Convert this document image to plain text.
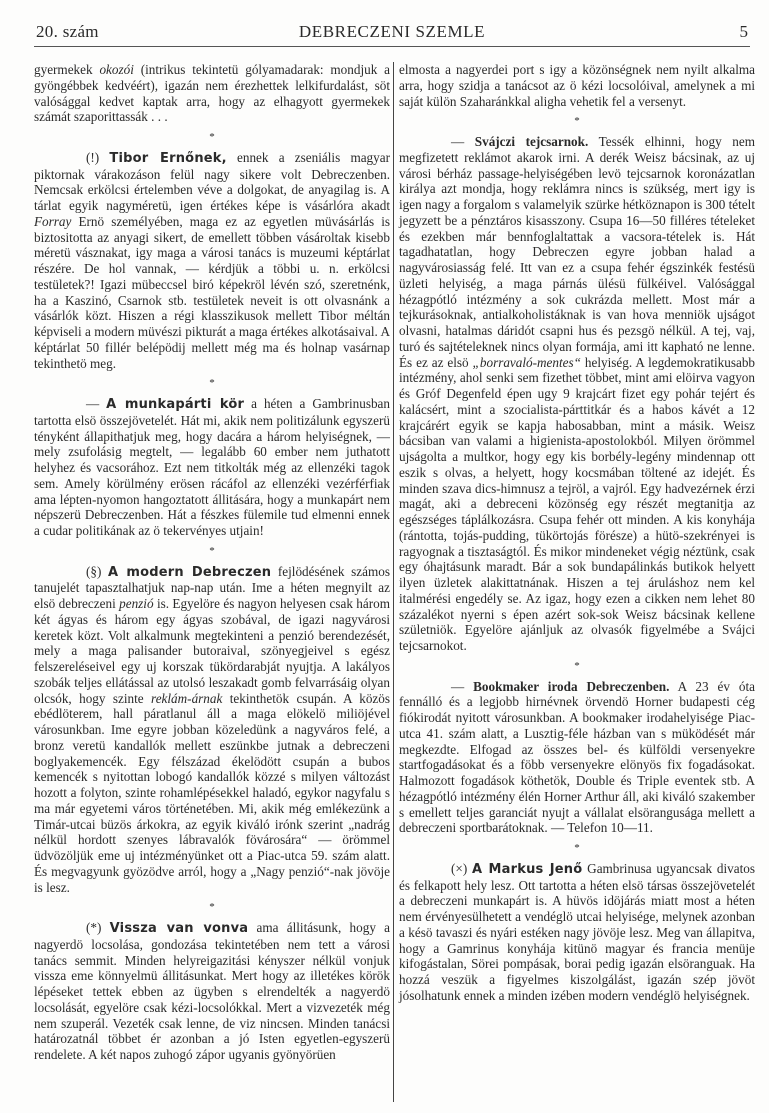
20. szám	DEBRECZENI SZEMLE	5

gyermekek okozói (intrikus tekintetü gólyamadarak: mondjuk a gyöngébbek kedvéért), igazán nem érezhettek lelkifurdalást, söt valósággal kedvet kaptak arra, hogy az elhagyott gyermekek számát szaporittassák . . .

*

(!) Tibor Ernőnek, ennek a zseniális magyar piktornak várakozáson felül nagy sikere volt Debreczenben. Nemcsak erkölcsi értelemben véve a dolgokat, de anyagilag is. A tárlat egyik nagyméretü, igen értékes képe is vásárlóra akadt Forray Ernö személyében, maga ez az egyetlen müvásárlás is biztositotta az anyagi sikert, de emellett többen vásároltak kisebb méretü vásznakat, igy maga a városi tanács is muzeumi képtárlat részére. De hol vannak, — kérdjük a többi u. n. erkölcsi testületek?! Igazi mübeccsel biró képekröl lévén szó, szeretnénk, ha a Kaszinó, Csarnok stb. testületek neveit is ott olvasnánk a vásárlók közt. Hiszen a régi klasszikusok mellett Tibor méltán képviseli a modern müvészi pikturát a maga értékes alkotásaival. A képtárlat 50 fillér belépödij mellett még ma és holnap vasárnap tekinthetö meg.

*

— A munkapárti kör a héten a Gambrinusban tartotta elsö összejövetelét. Hát mi, akik nem politizálunk egyszerü tényként állapithatjuk meg, hogy dacára a három helyiségnek, — mely zsufolásig megtelt, — legalább 60 ember nem juthatott helyhez és vacsorához. Ezt nem titkolták még az ellenzéki tagok sem. Amely körülmény erösen rácáfol az ellenzéki vezérférfiak ama lépten-nyomon hangoztatott állitására, hogy a munkapárt nem népszerü Debreczenben. Hát a fészkes fülemile tud elmenni ennek a cudar politikának az ö tekervényes utjain!

*

(§) A modern Debreczen fejlödésének számos tanujelét tapasztalhatjuk nap-nap után. Ime a héten megnyilt az elsö debreczeni penzió is. Egyelöre és nagyon helyesen csak három két ágyas és három egy ágyas szobával, de igazi nagyvárosi keretek közt. Volt alkalmunk megtekinteni a penzió berendezését, mely a maga palisander butoraival, szönyegjeivel s egész felszereléseivel egy uj korszak tükördarabját nyujtja. A lakályos szobák teljes ellátással az utolsó leszakadt gomb felvarrásáig olyan olcsók, hogy szinte reklám-árnak tekinthetök csupán. A közös ebédlöterem, hall páratlanul áll a maga elökelö miliöjével városunkban. Ime egyre jobban közeledünk a nagyváros felé, a bronz veretü kandallók mellett eszünkbe jutnak a debreczeni boglyakemencék. Egy félszázad ékelödött csupán a bubos kemencék s nyitottan lobogó kandallók közzé s milyen változást hozott a folyton, szinte rohamlépésekkel haladó, egykor nagyfalu s ma már egyetemi város történetében. Mi, akik még emlékezünk a Timár-utcai büzös árkokra, az egyik kiváló irónk szerint „nadrág nélkül hordott szenyes lábravalók fövárosára“ — örömmel üdvözöljük eme uj intézményünket ott a Piac-utca 59. szám alatt. És megvagyunk gyözödve arról, hogy a „Nagy penzió“-nak jövöje is lesz.

*

(*) Vissza van vonva ama állitásunk, hogy a nagyerdö locsolása, gondozása tekintetében nem tett a városi tanács semmit. Minden helyreigazitási kényszer nélkül vonjuk vissza eme könnyelmü állitásunkat. Mert hogy az illetékes körök lépéseket tettek ebben az ügyben s elrendelték a nagyerdö locsolását, egyelöre csak kézi-locsolókkal. Mert a vizvezeték még nem szuperál. Vezeték csak lenne, de viz nincsen. Minden tanácsi határozatnál többet ér azonban a jó Isten egyetlen-egyszerü rendelete. A két napos zuhogó zápor ugyanis gyönyörüen

elmosta a nagyerdei port s igy a közönségnek nem nyilt alkalma arra, hogy szidja a tanácsot az ö kézi locsolóival, amelynek a mi saját külön Szaharánkkal aligha vehetik fel a versenyt.

*

— Svájczi tejcsarnok. Tessék elhinni, hogy nem megfizetett reklámot akarok irni. A derék Weisz bácsinak, az uj városi bérház passage-helyiségében levö tejcsarnok koronázatlan királya azt mondja, hogy reklámra nincs is szükség, mert igy is igen nagy a forgalom s valamelyik szürke hétköznapon is 300 tételt jegyzett be a pénztáros kisasszony. Csupa 16—50 filléres tételeket és ezekben már bennfoglaltattak a vacsora-tételek is. Hát tagadhatatlan, hogy Debreczen egyre jobban halad a nagyvárosiasság felé. Itt van ez a csupa fehér égszinkék festésü üzleti helyiség, a maga párnás ülésü fülkéivel. Valósággal hézagpótló intézmény a sok cukrázda mellett. Most már a tejkurásoknak, antialkoholistáknak is van hova menniök ujságot olvasni, hatalmas dáridót csapni hus és pezsgö nélkül. A tej, vaj, turó és sajtételeknek nincs olyan formája, ami itt kapható ne lenne. És ez az elsö „borravaló-mentes“ helyiség. A legdemokratikusabb intézmény, ahol senki sem fizethet többet, mint ami elöirva vagyon és Gróf Degenfeld épen ugy 9 krajcárt fizet egy pohár tejért és kalácsért, mint a szocialista-párttitkár és a habos kávét a 12 krajcárért egyik se kapja habosabban, mint a másik. Weisz bácsiban van valami a higienista-apostolokból. Milyen örömmel ujságolta a multkor, hogy egy kis borbély-legény mindennap ott eszik s olvas, a helyett, hogy kocsmában töltené az idejét. És minden szava dics-himnusz a tejröl, a vajról. Egy hadvezérnek érzi magát, aki a debreceni közönség egy részét megtanitja az egészséges táplálkozásra. Csupa fehér ott minden. A kis konyhája (rántotta, tojás-pudding, tükörtojás förésze) a hütö-szekrényei is ragyognak a tisztaságtól. És mikor mindeneket végig néztünk, csak egy óhajtásunk maradt. Bár a sok bundapálinkás butikok helyett ilyen üzletek alakittatnának. Hiszen a tej áruláshoz nem kel italmérési engedély se. Az igaz, hogy ezen a cikken nem lehet 80 százalékot nyerni s épen azért sok-sok Weisz bácsinak kellene születniök. Egyelöre ajánljuk az olvasók figyelmébe a Svájci tejcsarnokot.

*

— Bookmaker iroda Debreczenben. A 23 év óta fennálló és a legjobb hirnévnek örvendö Horner budapesti cég fiókirodát nyitott városunkban. A bookmaker irodahelyisége Piac-utca 41. szám alatt, a Lusztig-féle házban van s müködését már megkezdte. Elfogad az összes bel- és külföldi versenyekre startfogadásokat és a föbb versenyekre elönyös fix fogadásokat. Halmozott fogadások köthetök, Double és Triple eventek stb. A hézagpótló intézmény élén Horner Arthur áll, aki kiváló szakember s emellett teljes garanciát nyujt a vállalat elsörangusága mellett a debreczeni sportbarátoknak. — Telefon 10—11.

*

(×) A Markus Jenő Gambrinusa ugyancsak divatos és felkapott hely lesz. Ott tartotta a héten elsö társas összejövetelét a debreczeni munkapárt is. A hüvös idöjárás miatt most a héten nem érvényesülhetett a vendéglö utcai helyisége, melynek azonban a késö tavaszi és nyári estéken nagy jövöje lesz. Meg van állapitva, hogy a Gamrinus konyhája kitünö magyar és francia menüje kifogástalan, Sörei pompásak, borai pedig igazán elsöranguak. Ha hozzá veszük a figyelmes kiszolgálást, igazán szép jövöt jósolhatunk ennek a minden izében modern vendéglö helyiségnek.
